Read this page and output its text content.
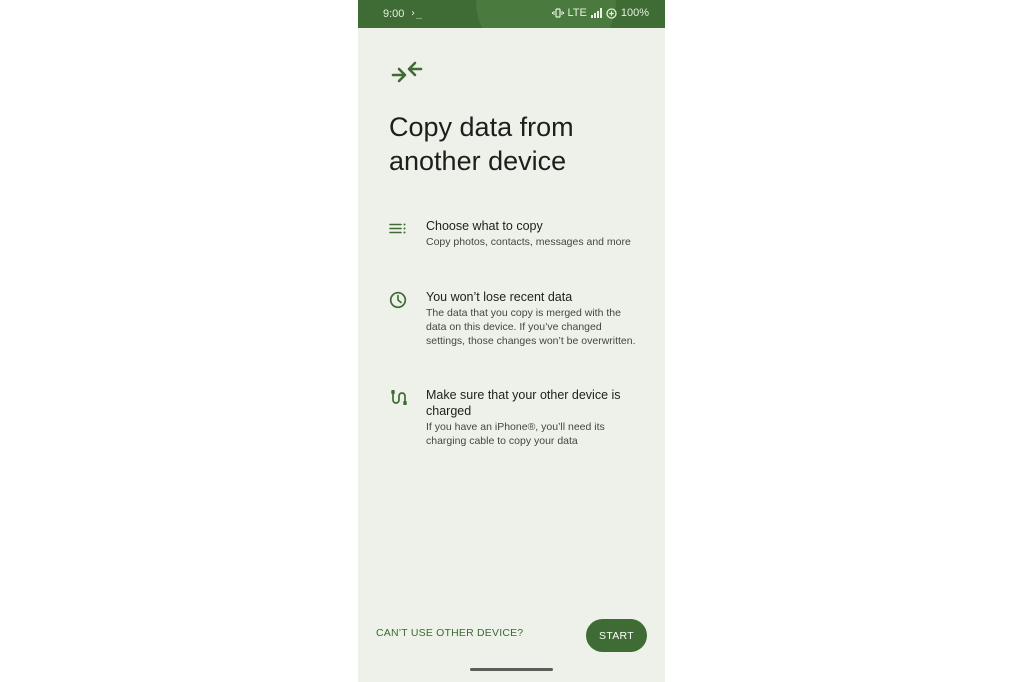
9:00 ›_	LTE	100%
Copy data from another device
Choose what to copy
Copy photos, contacts, messages and more
You won’t lose recent data
The data that you copy is merged with the data on this device. If you’ve changed settings, those changes won’t be overwritten.
Make sure that your other device is charged
If you have an iPhone®, you’ll need its charging cable to copy your data
CAN’T USE OTHER DEVICE?	START
